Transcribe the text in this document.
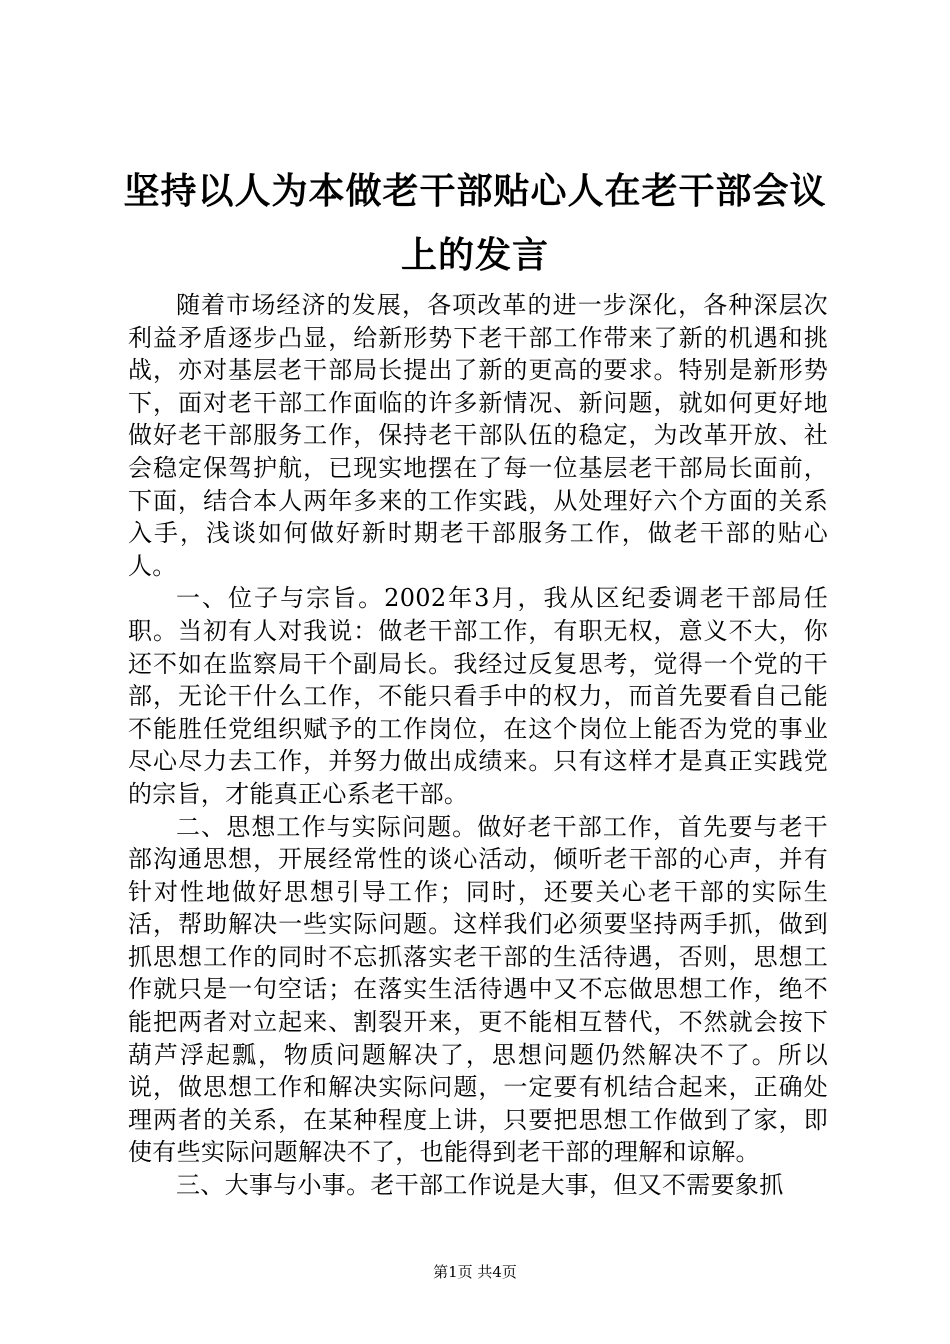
坚持以人为本做老干部贴心人在老干部会议上的发言

随着市场经济的发展，各项改革的进一步深化，各种深层次利益矛盾逐步凸显，给新形势下老干部工作带来了新的机遇和挑战，亦对基层老干部局长提出了新的更高的要求。特别是新形势下，面对老干部工作面临的许多新情况、新问题，就如何更好地做好老干部服务工作，保持老干部队伍的稳定，为改革开放、社会稳定保驾护航，已现实地摆在了每一位基层老干部局长面前，下面，结合本人两年多来的工作实践，从处理好六个方面的关系入手，浅谈如何做好新时期老干部服务工作，做老干部的贴心人。

一、位子与宗旨。2002年3月，我从区纪委调老干部局任职。当初有人对我说：做老干部工作，有职无权，意义不大，你还不如在监察局干个副局长。我经过反复思考，觉得一个党的干部，无论干什么工作，不能只看手中的权力，而首先要看自己能不能胜任党组织赋予的工作岗位，在这个岗位上能否为党的事业尽心尽力去工作，并努力做出成绩来。只有这样才是真正实践党的宗旨，才能真正心系老干部。

二、思想工作与实际问题。做好老干部工作，首先要与老干部沟通思想，开展经常性的谈心活动，倾听老干部的心声，并有针对性地做好思想引导工作；同时，还要关心老干部的实际生活，帮助解决一些实际问题。这样我们必须要坚持两手抓，做到抓思想工作的同时不忘抓落实老干部的生活待遇，否则，思想工作就只是一句空话；在落实生活待遇中又不忘做思想工作，绝不能把两者对立起来、割裂开来，更不能相互替代，不然就会按下葫芦浮起瓢，物质问题解决了，思想问题仍然解决不了。所以说，做思想工作和解决实际问题，一定要有机结合起来，正确处理两者的关系，在某种程度上讲，只要把思想工作做到了家，即使有些实际问题解决不了，也能得到老干部的理解和谅解。

三、大事与小事。老干部工作说是大事，但又不需要象抓

第1页 共4页
